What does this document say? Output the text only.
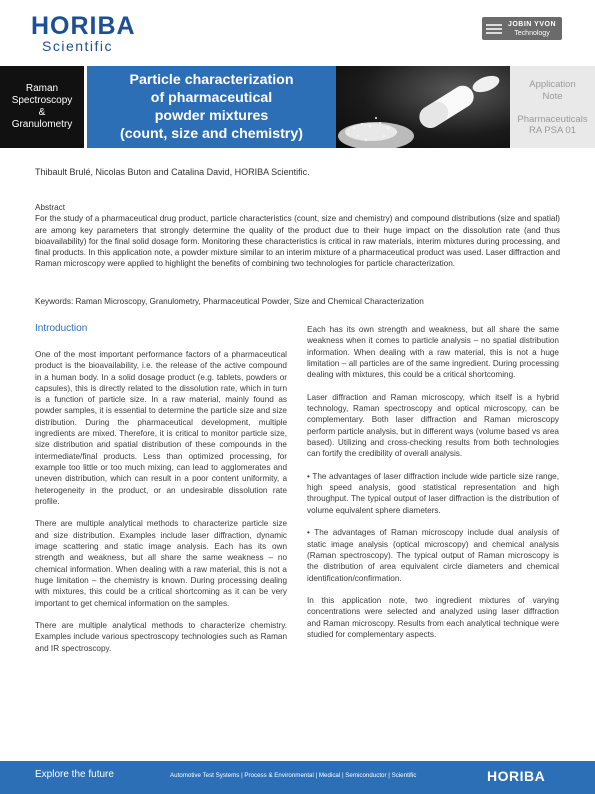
HORIBA
Scientific
JOBIN YVON
Technology
Raman
Spectroscopy
&
Granulometry
Particle characterization
of pharmaceutical
powder mixtures
(count, size and chemistry)
Application
Note
Pharmaceuticals
RA PSA 01
Thibault Brulé, Nicolas Buton and Catalina David, HORIBA Scientific.

Abstract

For the study of a pharmaceutical drug product, particle characteristics (count, size and chemistry) and compound distributions (size and spatial) are among key parameters that strongly determine the quality of the product due to their huge impact on the dissolution rate (and thus bioavailability) for the final solid dosage form. Monitoring these characteristics is critical in raw materials, interim mixtures during processing, and final products. In this application note, a powder mixture similar to an interim mixture of a pharmaceutical product was used. Laser diffraction and Raman microscopy were applied to highlight the benefits of combining two technologies for particle characterization.

Keywords: Raman Microscopy, Granulometry, Pharmaceutical Powder, Size and Chemical Characterization
Introduction

One of the most important performance factors of a pharmaceutical product is the bioavailability, i.e. the release of the active compound in a human body. In a solid dosage product (e.g. tablets, powders or capsules), this is directly related to the dissolution rate, which in turn is a function of particle size. In a raw material, mainly found as powder samples, it is essential to determine the particle size and size distribution. During the pharmaceutical development, multiple ingredients are mixed. Therefore, it is critical to monitor particle size, size distribution and spatial distribution of these compounds in the intermediate/final products. Less than optimized processing, for example too little or too much mixing, can lead to agglomerates and uneven distribution, which can result in a poor content uniformity, a heterogeneity in the product, or an undesirable dissolution rate profile.

There are multiple analytical methods to characterize particle size and size distribution. Examples include laser diffraction, dynamic image scattering and static image analysis. Each has its own strength and weakness, but all share the same weakness – no chemical information. When dealing with a raw material, this is not a huge limitation – the chemistry is known. During processing dealing with mixtures, this could be a critical shortcoming as it can be very important to get chemical information on the samples.

There are multiple analytical methods to characterize chemistry. Examples include various spectroscopy technologies such as Raman and IR spectroscopy.

Each has its own strength and weakness, but all share the same weakness when it comes to particle analysis – no spatial distribution information. When dealing with a raw material, this is not a huge limitation – all particles are of the same ingredient. During processing dealing with mixtures, this could be a critical shortcoming.

Laser diffraction and Raman microscopy, which itself is a hybrid technology, Raman spectroscopy and optical microscopy, can be complementary. Both laser diffraction and Raman microscopy perform particle analysis, but in different ways (volume based vs area based). Utilizing and cross-checking results from both technologies can fortify the credibility of overall analysis.

• The advantages of laser diffraction include wide particle size range, high speed analysis, good statistical representation and high throughput. The typical output of laser diffraction is the distribution of volume equivalent sphere diameters.

• The advantages of Raman microscopy include dual analysis of static image analysis (optical microscopy) and chemical analysis (Raman spectroscopy). The typical output of Raman microscopy is the distribution of area equivalent circle diameters and chemical identification/confirmation.

In this application note, two ingredient mixtures of varying concentrations were selected and analyzed using laser diffraction and Raman microscopy. Results from each analytical technique were studied for complementary aspects.

Explore the future	Automotive Test Systems | Process & Environmental | Medical | Semiconductor | Scientific	HORIBA
